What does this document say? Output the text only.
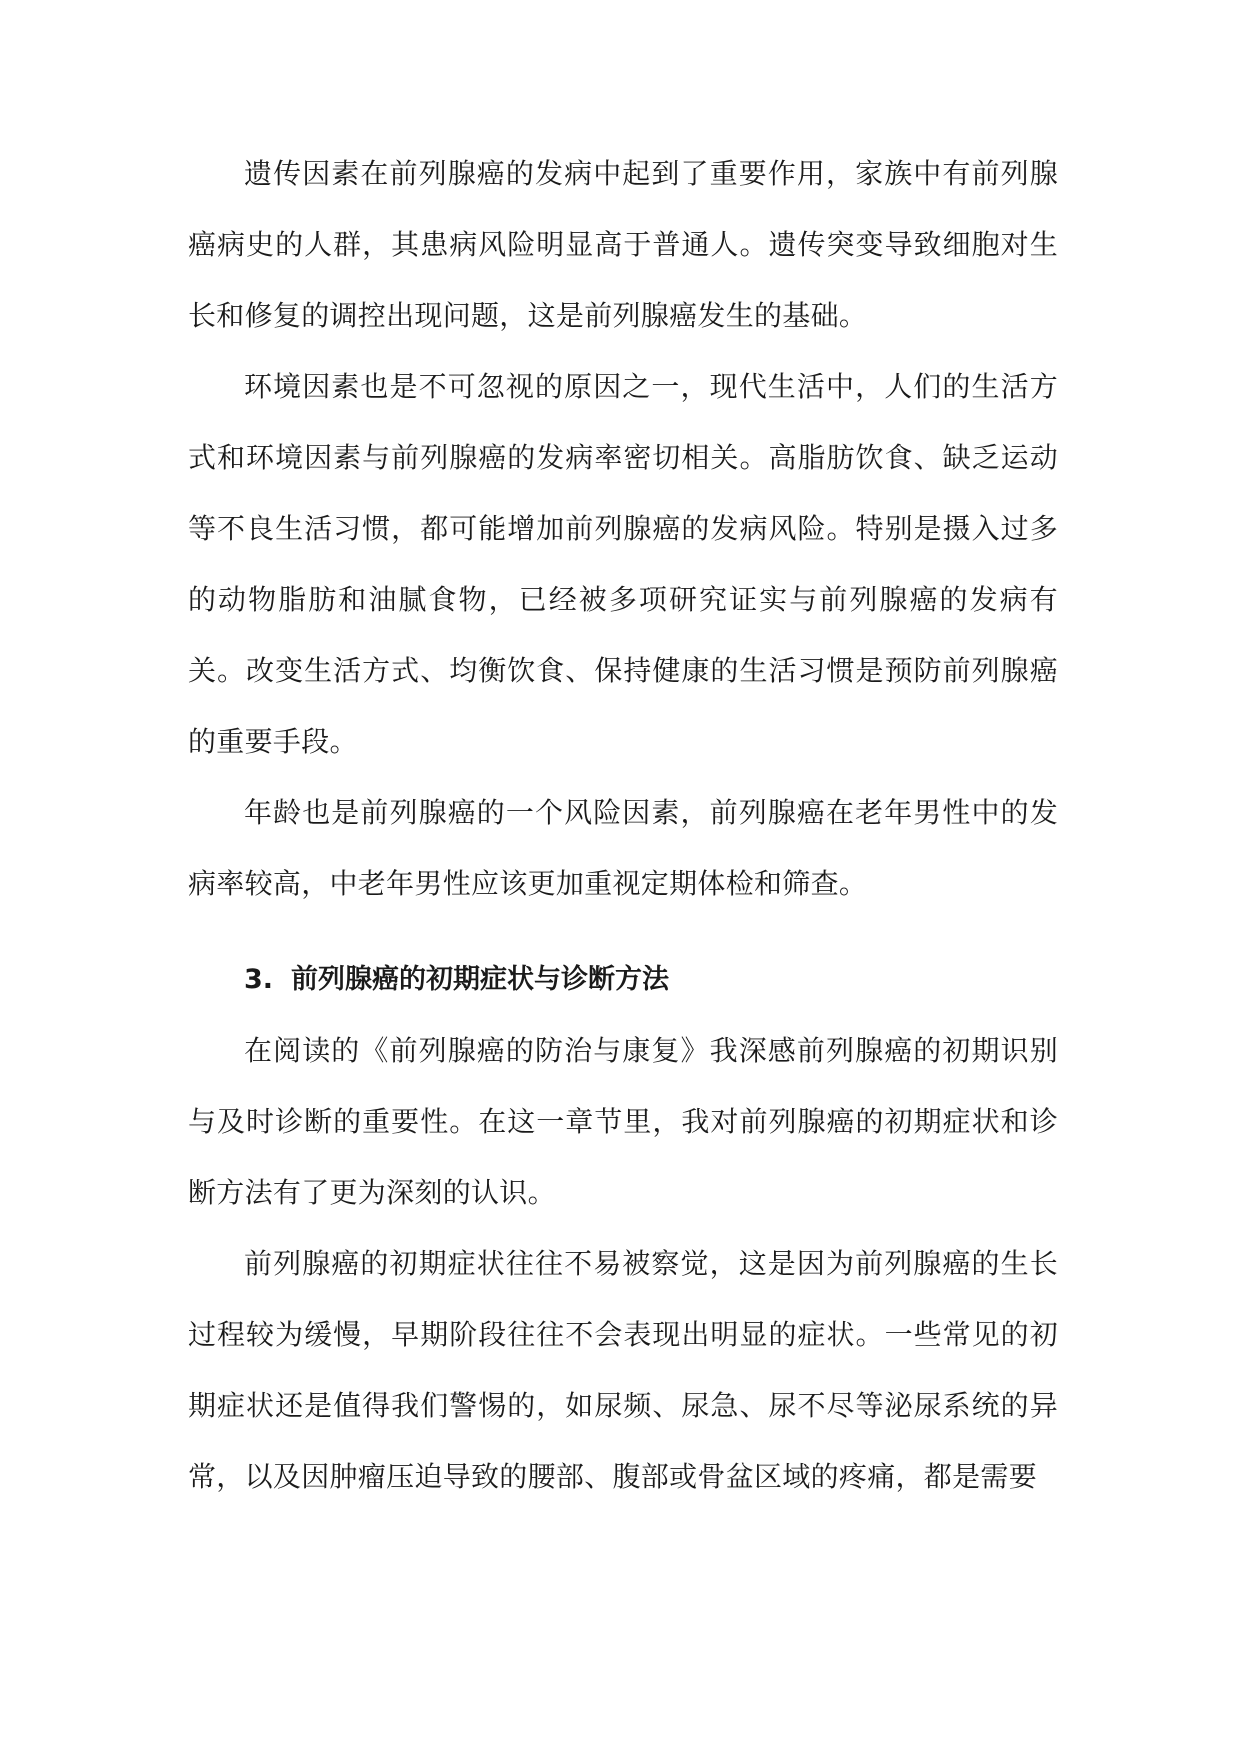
遗传因素在前列腺癌的发病中起到了重要作用，家族中有前列腺癌病史的人群，其患病风险明显高于普通人。遗传突变导致细胞对生长和修复的调控出现问题，这是前列腺癌发生的基础。

环境因素也是不可忽视的原因之一，现代生活中，人们的生活方式和环境因素与前列腺癌的发病率密切相关。高脂肪饮食、缺乏运动等不良生活习惯，都可能增加前列腺癌的发病风险。特别是摄入过多的动物脂肪和油腻食物，已经被多项研究证实与前列腺癌的发病有关。改变生活方式、均衡饮食、保持健康的生活习惯是预防前列腺癌的重要手段。

年龄也是前列腺癌的一个风险因素，前列腺癌在老年男性中的发病率较高，中老年男性应该更加重视定期体检和筛查。

3. 前列腺癌的初期症状与诊断方法

在阅读的《前列腺癌的防治与康复》我深感前列腺癌的初期识别与及时诊断的重要性。在这一章节里，我对前列腺癌的初期症状和诊断方法有了更为深刻的认识。

前列腺癌的初期症状往往不易被察觉，这是因为前列腺癌的生长过程较为缓慢，早期阶段往往不会表现出明显的症状。一些常见的初期症状还是值得我们警惕的，如尿频、尿急、尿不尽等泌尿系统的异常，以及因肿瘤压迫导致的腰部、腹部或骨盆区域的疼痛，都是需要
